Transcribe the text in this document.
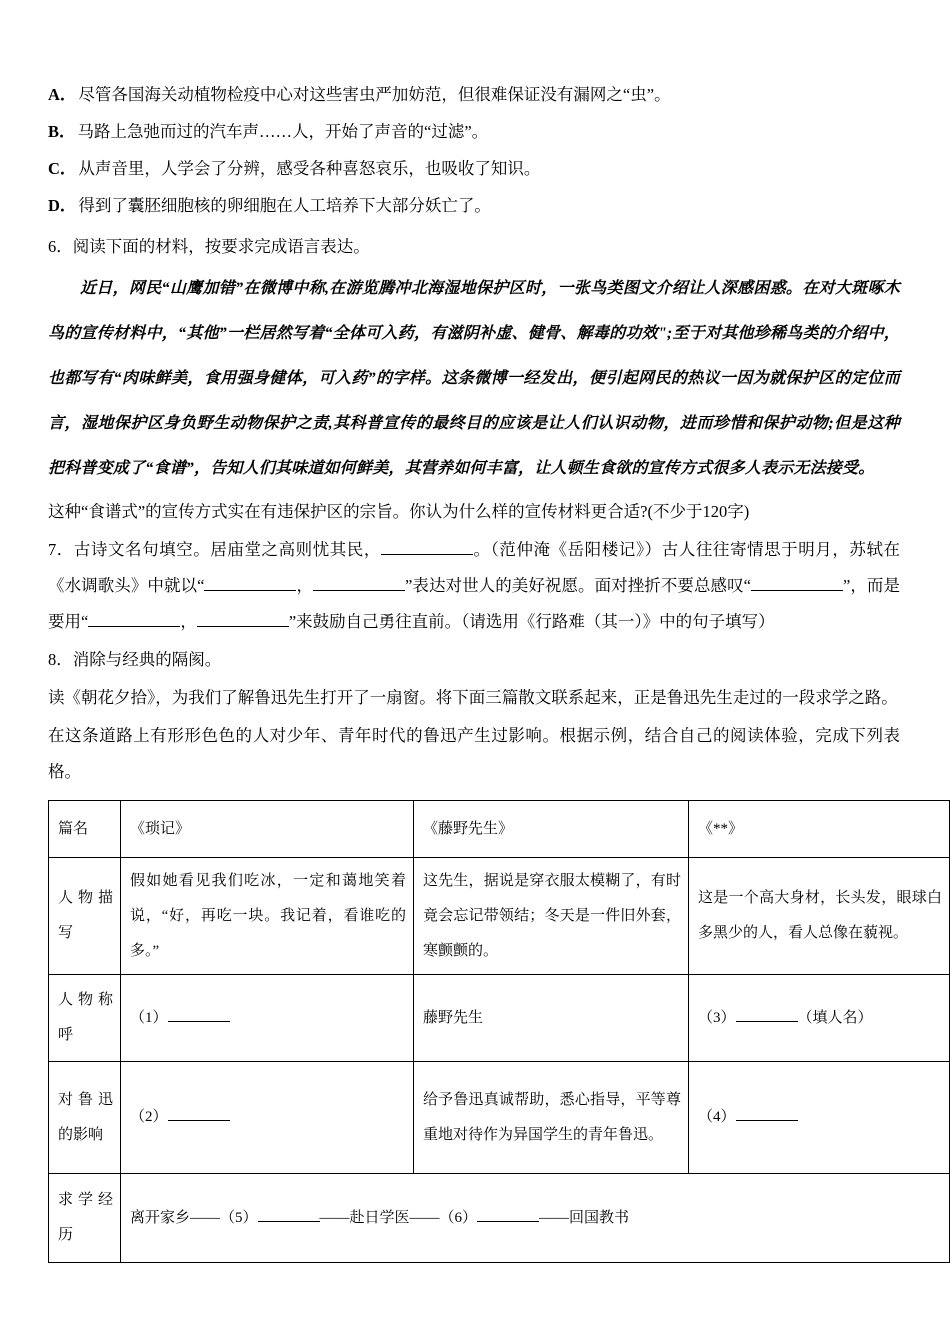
A． 尽管各国海关动植物检疫中心对这些害虫严加妨范，但很难保证没有漏网之“虫”。
B． 马路上急弛而过的汽车声……人，开始了声音的“过滤”。
C． 从声音里，人学会了分辨，感受各种喜怒哀乐，也吸收了知识。
D． 得到了囊胚细胞核的卵细胞在人工培养下大部分妖亡了。
6．阅读下面的材料，按要求完成语言表达。
近日，网民“山鹰加错”在微博中称,在游览腾冲北海湿地保护区时，一张鸟类图文介绍让人深感困惑。在对大斑啄木鸟的宣传材料中，“其他”一栏居然写着“全体可入药，有滋阴补虚、健骨、解毒的功效";至于对其他珍稀鸟类的介绍中，也都写有“肉味鲜美，食用强身健体，可入药”的字样。这条微博一经发出，便引起网民的热议一因为就保护区的定位而言，湿地保护区身负野生动物保护之责,其科普宣传的最终目的应该是让人们认识动物，进而珍惜和保护动物;但是这种把科普变成了“食谱”，告知人们其味道如何鲜美，其营养如何丰富，让人顿生食欲的宣传方式很多人表示无法接受。
这种“食谱式”的宣传方式实在有违保护区的宗旨。你认为什么样的宣传材料更合适?(不少于120字)
7．古诗文名句填空。居庙堂之高则忧其民，	。（范仲淹《岳阳楼记》）古人往往寄情思于明月，苏轼在《水调歌头》中就以“	，	”表达对世人的美好祝愿。面对挫折不要总感叹“	”，而是要用“	，	”来鼓励自己勇往直前。（请选用《行路难（其一）》中的句子填写）
8．消除与经典的隔阂。
读《朝花夕拾》，为我们了解鲁迅先生打开了一扇窗。将下面三篇散文联系起来，正是鲁迅先生走过的一段求学之路。
在这条道路上有形形色色的人对少年、青年时代的鲁迅产生过影响。根据示例，结合自己的阅读体验，完成下列表格。
篇名	《琐记》	《藤野先生》	《**》
人物描写	假如她看见我们吃冰，一定和蔼地笑着说，“好，再吃一块。我记着，看谁吃的多。”	这先生，据说是穿衣服太模糊了，有时竟会忘记带领结；冬天是一件旧外套，寒颤颤的。	这是一个高大身材，长头发，眼球白多黑少的人，看人总像在藐视。
人物称呼	（1）	藤野先生	（3） （填人名）
对鲁迅的影响	（2）	给予鲁迅真诚帮助，悉心指导，平等尊重地对待作为异国学生的青年鲁迅。	（4）
求学经历	离开家乡——（5） ——赴日学医——（6） ——回国教书		
